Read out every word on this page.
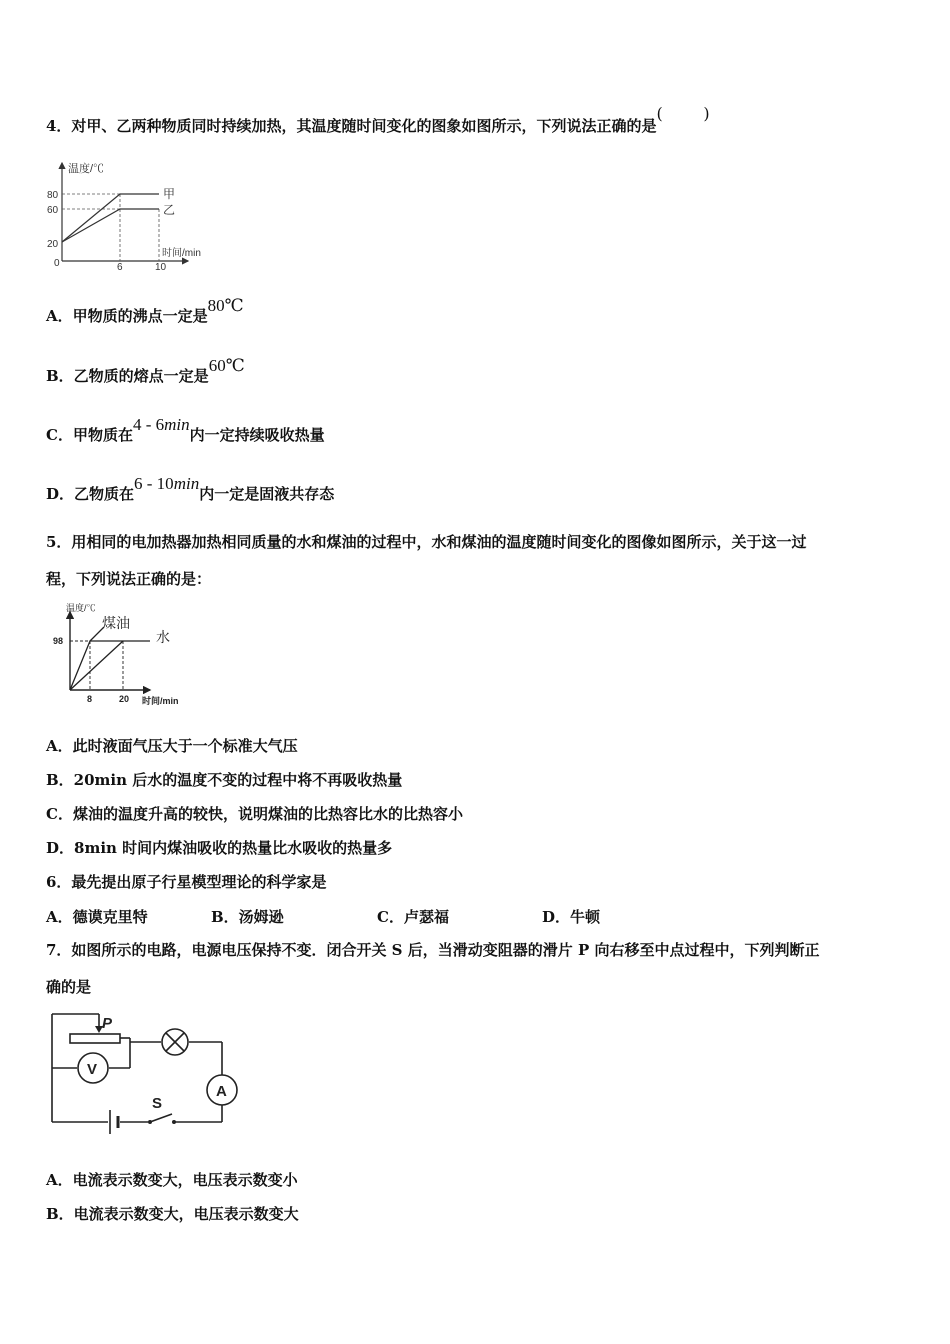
4．对甲、乙两种物质同时持续加热，其温度随时间变化的图象如图所示，下列说法正确的是(	)
温度/℃
时间/min
80
60
20
0	6	10
甲
乙
A．甲物质的沸点一定是80℃
B．乙物质的熔点一定是60℃
C．甲物质在4 - 6min内一定持续吸收热量
D．乙物质在6 - 10min内一定是固液共存态
5．用相同的电加热器加热相同质量的水和煤油的过程中，水和煤油的温度随时间变化的图像如图所示，关于这一过
程，下列说法正确的是：
温度/℃
时间/min
98
8	20
煤油
水
A．此时液面气压大于一个标准大气压
B．20min 后水的温度不变的过程中将不再吸收热量
C．煤油的温度升高的较快，说明煤油的比热容比水的比热容小
D．8min 时间内煤油吸收的热量比水吸收的热量多
6．最先提出原子行星模型理论的科学家是
A．德谟克里特	B．汤姆逊	C．卢瑟福	D．牛顿
7．如图所示的电路，电源电压保持不变．闭合开关 S 后，当滑动变阻器的滑片 P 向右移至中点过程中，下列判断正
确的是
P
V
A
S
A．电流表示数变大，电压表示数变小
B．电流表示数变大，电压表示数变大
